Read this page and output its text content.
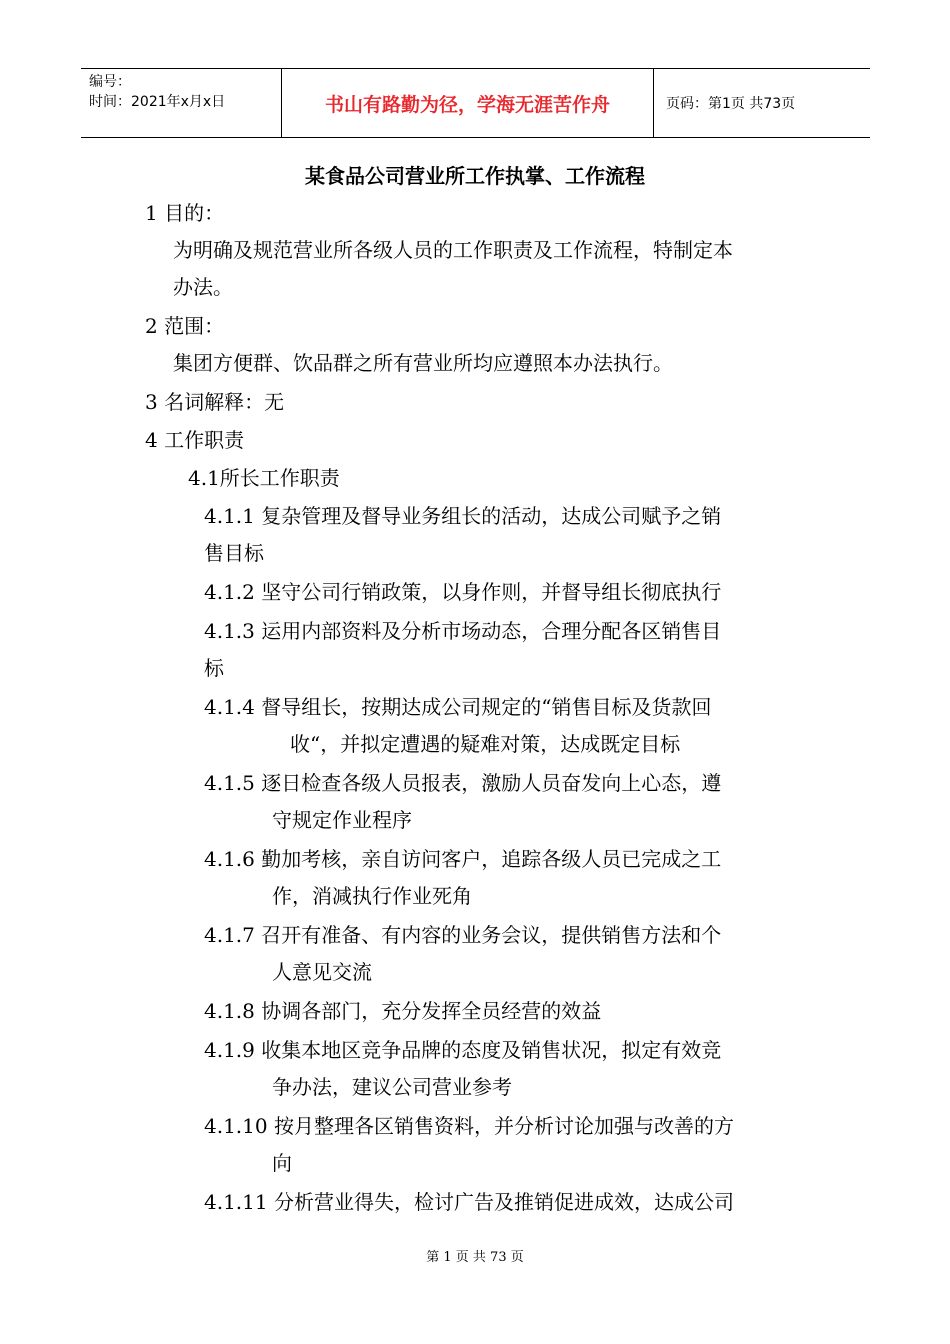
编号：
时间：2021年x月x日	书山有路勤为径，学海无涯苦作舟	页码：第1页 共73页
某食品公司营业所工作执掌、工作流程
1 目的：
为明确及规范营业所各级人员的工作职责及工作流程，特制定本
办法。
2 范围：
集团方便群、饮品群之所有营业所均应遵照本办法执行。
3 名词解释：无
4 工作职责
4.1所长工作职责
4.1.1 复杂管理及督导业务组长的活动，达成公司赋予之销
售目标
4.1.2 坚守公司行销政策，以身作则，并督导组长彻底执行
4.1.3 运用内部资料及分析市场动态，合理分配各区销售目
标
4.1.4 督导组长，按期达成公司规定的“销售目标及货款回
收“，并拟定遭遇的疑难对策，达成既定目标
4.1.5 逐日检查各级人员报表，激励人员奋发向上心态，遵
守规定作业程序
4.1.6 勤加考核，亲自访问客户，追踪各级人员已完成之工
作，消减执行作业死角
4.1.7 召开有准备、有内容的业务会议，提供销售方法和个
人意见交流
4.1.8 协调各部门，充分发挥全员经营的效益
4.1.9 收集本地区竞争品牌的态度及销售状况，拟定有效竞
争办法，建议公司营业参考
4.1.10 按月整理各区销售资料，并分析讨论加强与改善的方
向
4.1.11 分析营业得失，检讨广告及推销促进成效，达成公司
第 1 页 共 73 页
